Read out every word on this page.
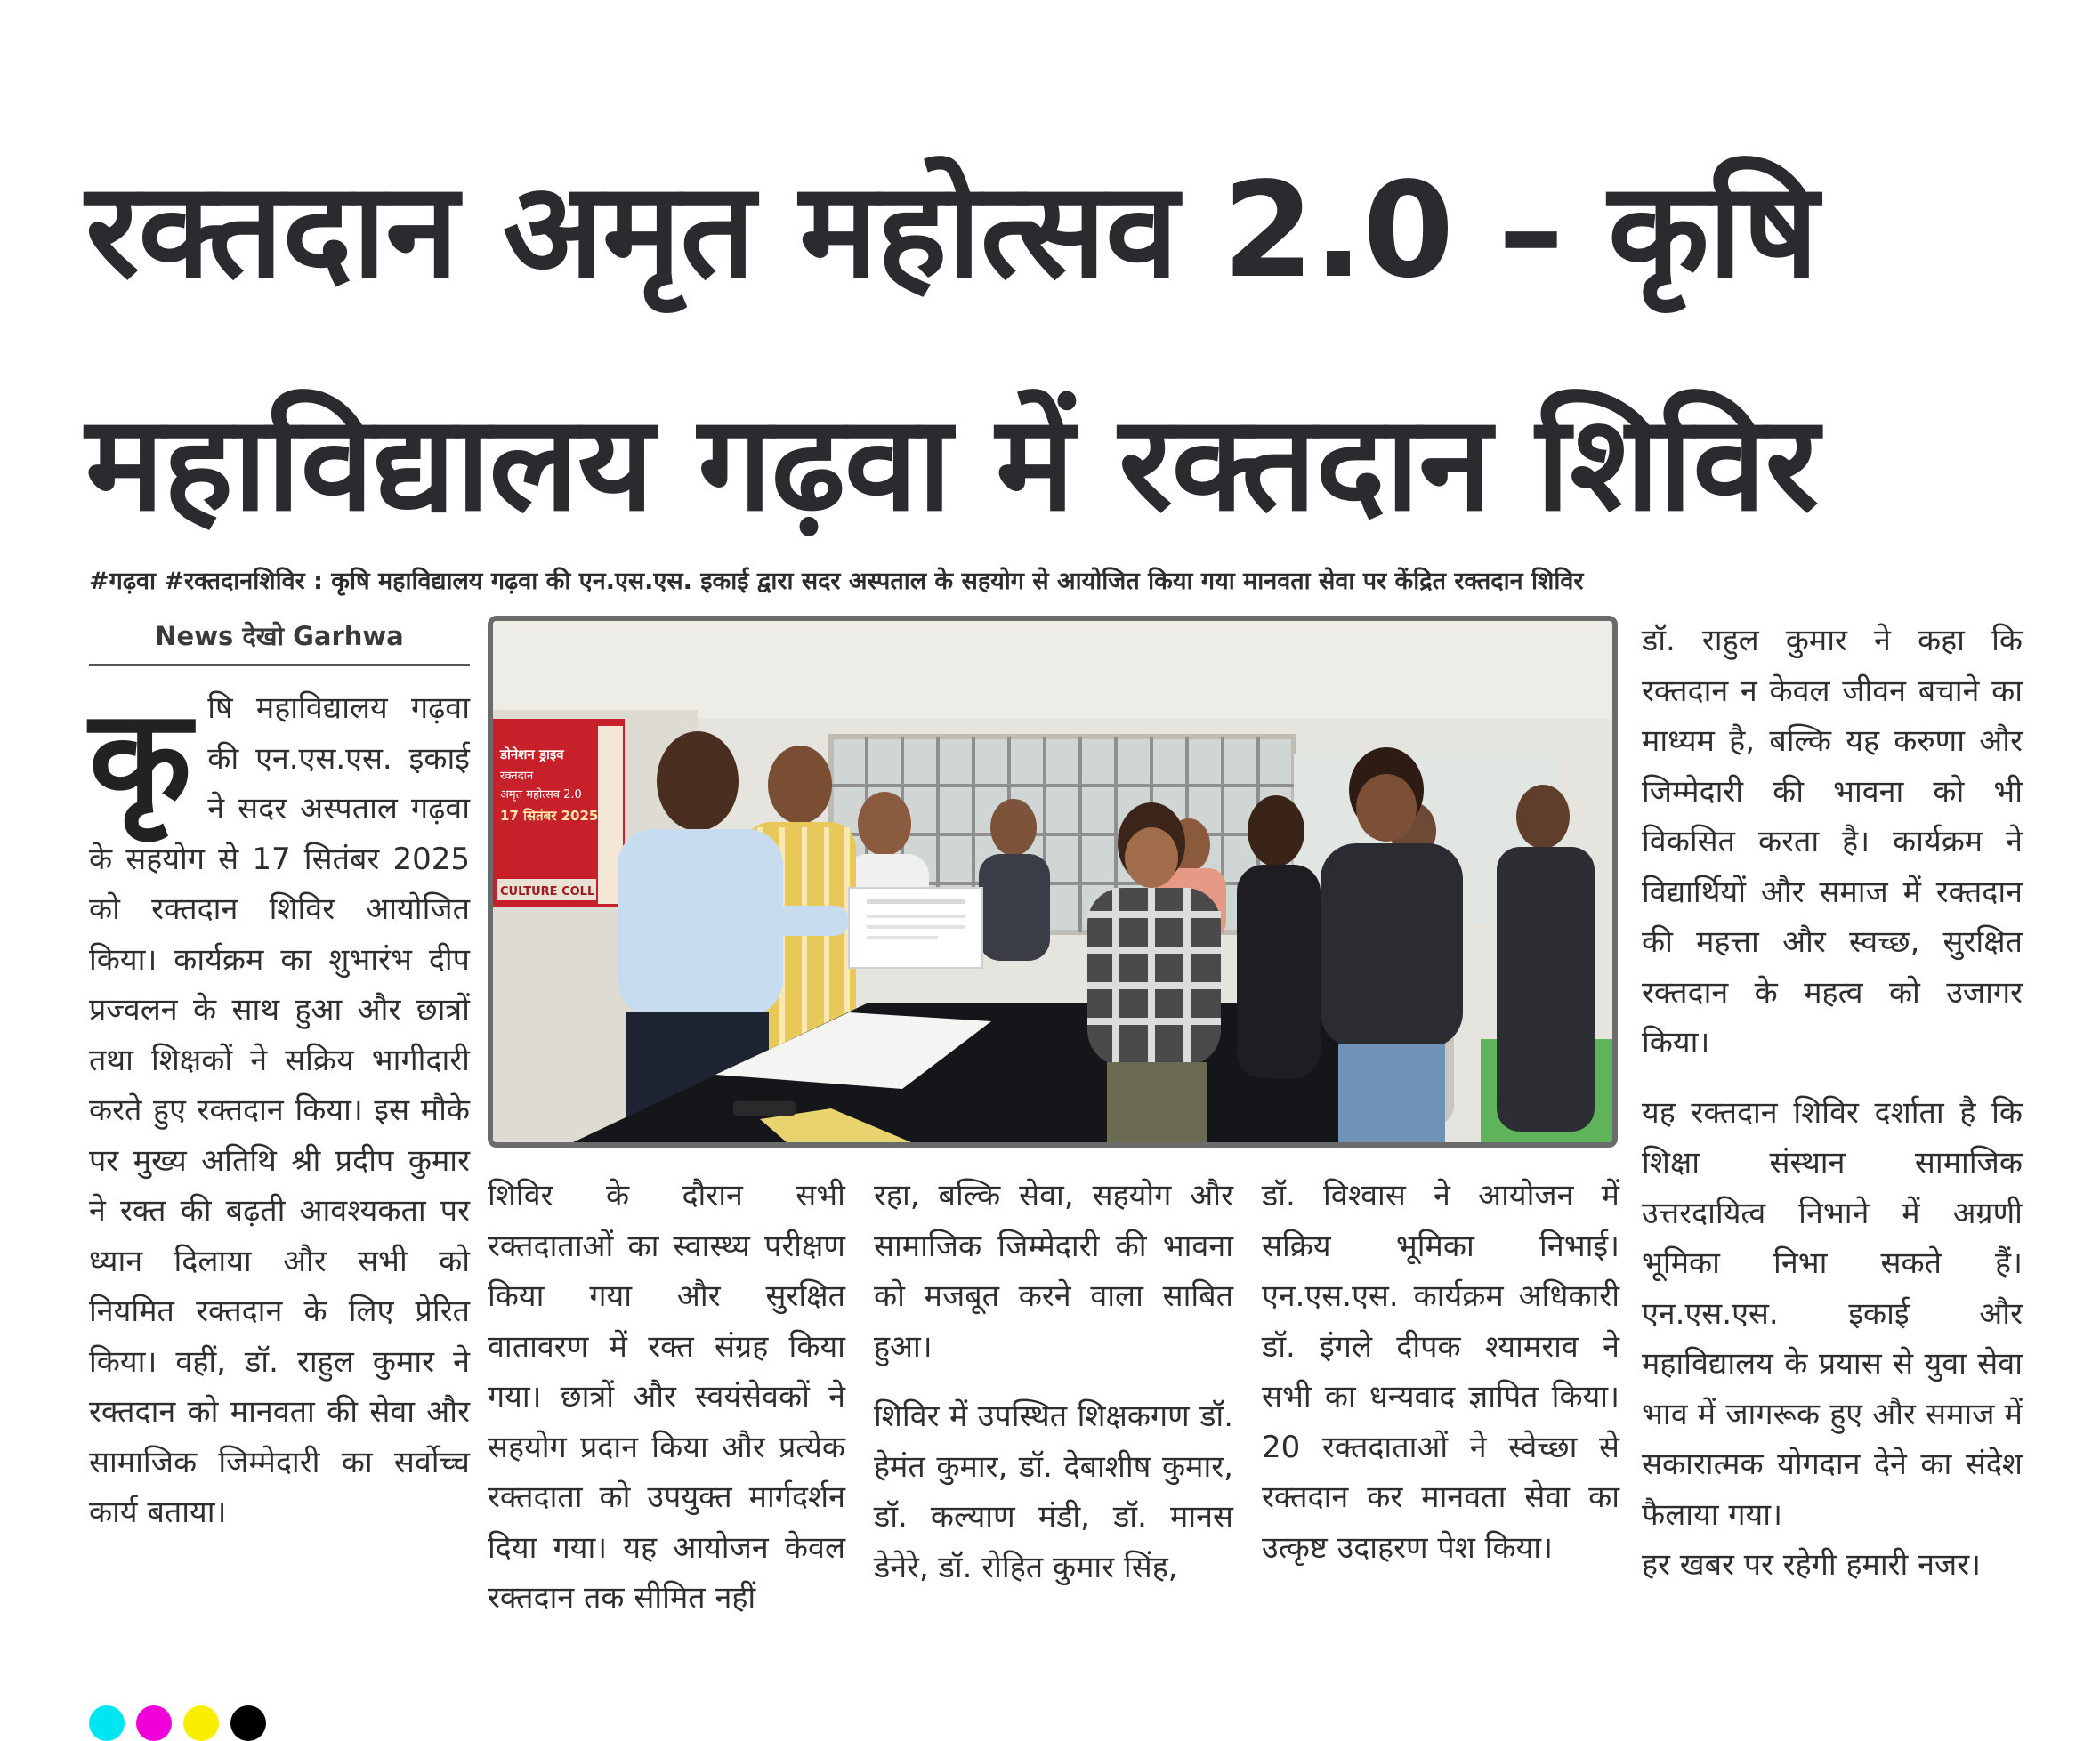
रक्तदान अमृत महोत्सव 2.0 – कृषि
महाविद्यालय गढ़वा में रक्तदान शिविर
#गढ़वा #रक्तदानशिविर : कृषि महाविद्यालय गढ़वा की एन.एस.एस. इकाई द्वारा सदर अस्पताल के सहयोग से आयोजित किया गया मानवता सेवा पर केंद्रित रक्तदान शिविर
News देखो Garhwa
कृ षि महाविद्यालय गढ़वा की एन.एस.एस. इकाई ने सदर अस्पताल गढ़वा के सहयोग से 17 सितंबर 2025 को रक्तदान शिविर आयोजित किया। कार्यक्रम का शुभारंभ दीप प्रज्वलन के साथ हुआ और छात्रों तथा शिक्षकों ने सक्रिय भागीदारी करते हुए रक्तदान किया। इस मौके पर मुख्य अतिथि श्री प्रदीप कुमार ने रक्त की बढ़ती आवश्यकता पर ध्यान दिलाया और सभी को नियमित रक्तदान के लिए प्रेरित किया। वहीं, डॉ. राहुल कुमार ने रक्तदान को मानवता की सेवा और सामाजिक जिम्मेदारी का सर्वोच्च कार्य बताया।
डोनेशन ड्राइव
रक्तदान
अमृत महोत्सव 2.0
17 सितंबर 2025
CULTURE COLL

शिविर के दौरान सभी रक्तदाताओं का स्वास्थ्य परीक्षण किया गया और सुरक्षित वातावरण में रक्त संग्रह किया गया। छात्रों और स्वयंसेवकों ने सहयोग प्रदान किया और प्रत्येक रक्तदाता को उपयुक्त मार्गदर्शन दिया गया। यह आयोजन केवल रक्तदान तक सीमित नहीं

रहा, बल्कि सेवा, सहयोग और सामाजिक जिम्मेदारी की भावना को मजबूत करने वाला साबित हुआ।

शिविर में उपस्थित शिक्षकगण डॉ. हेमंत कुमार, डॉ. देबाशीष कुमार, डॉ. कल्याण मंडी, डॉ. मानस डेनेरे, डॉ. रोहित कुमार सिंह,

डॉ. विश्वास ने आयोजन में सक्रिय भूमिका निभाई। एन.एस.एस. कार्यक्रम अधिकारी डॉ. इंगले दीपक श्यामराव ने सभी का धन्यवाद ज्ञापित किया। 20 रक्तदाताओं ने स्वेच्छा से रक्तदान कर मानवता सेवा का उत्कृष्ट उदाहरण पेश किया।

डॉ. राहुल कुमार ने कहा कि रक्तदान न केवल जीवन बचाने का माध्यम है, बल्कि यह करुणा और जिम्मेदारी की भावना को भी विकसित करता है। कार्यक्रम ने विद्यार्थियों और समाज में रक्तदान की महत्ता और स्वच्छ, सुरक्षित रक्तदान के महत्व को उजागर किया।

यह रक्तदान शिविर दर्शाता है कि शिक्षा संस्थान सामाजिक उत्तरदायित्व निभाने में अग्रणी भूमिका निभा सकते हैं। एन.एस.एस. इकाई और महाविद्यालय के प्रयास से युवा सेवा भाव में जागरूक हुए और समाज में सकारात्मक योगदान देने का संदेश फैलाया गया।

हर खबर पर रहेगी हमारी नजर।
